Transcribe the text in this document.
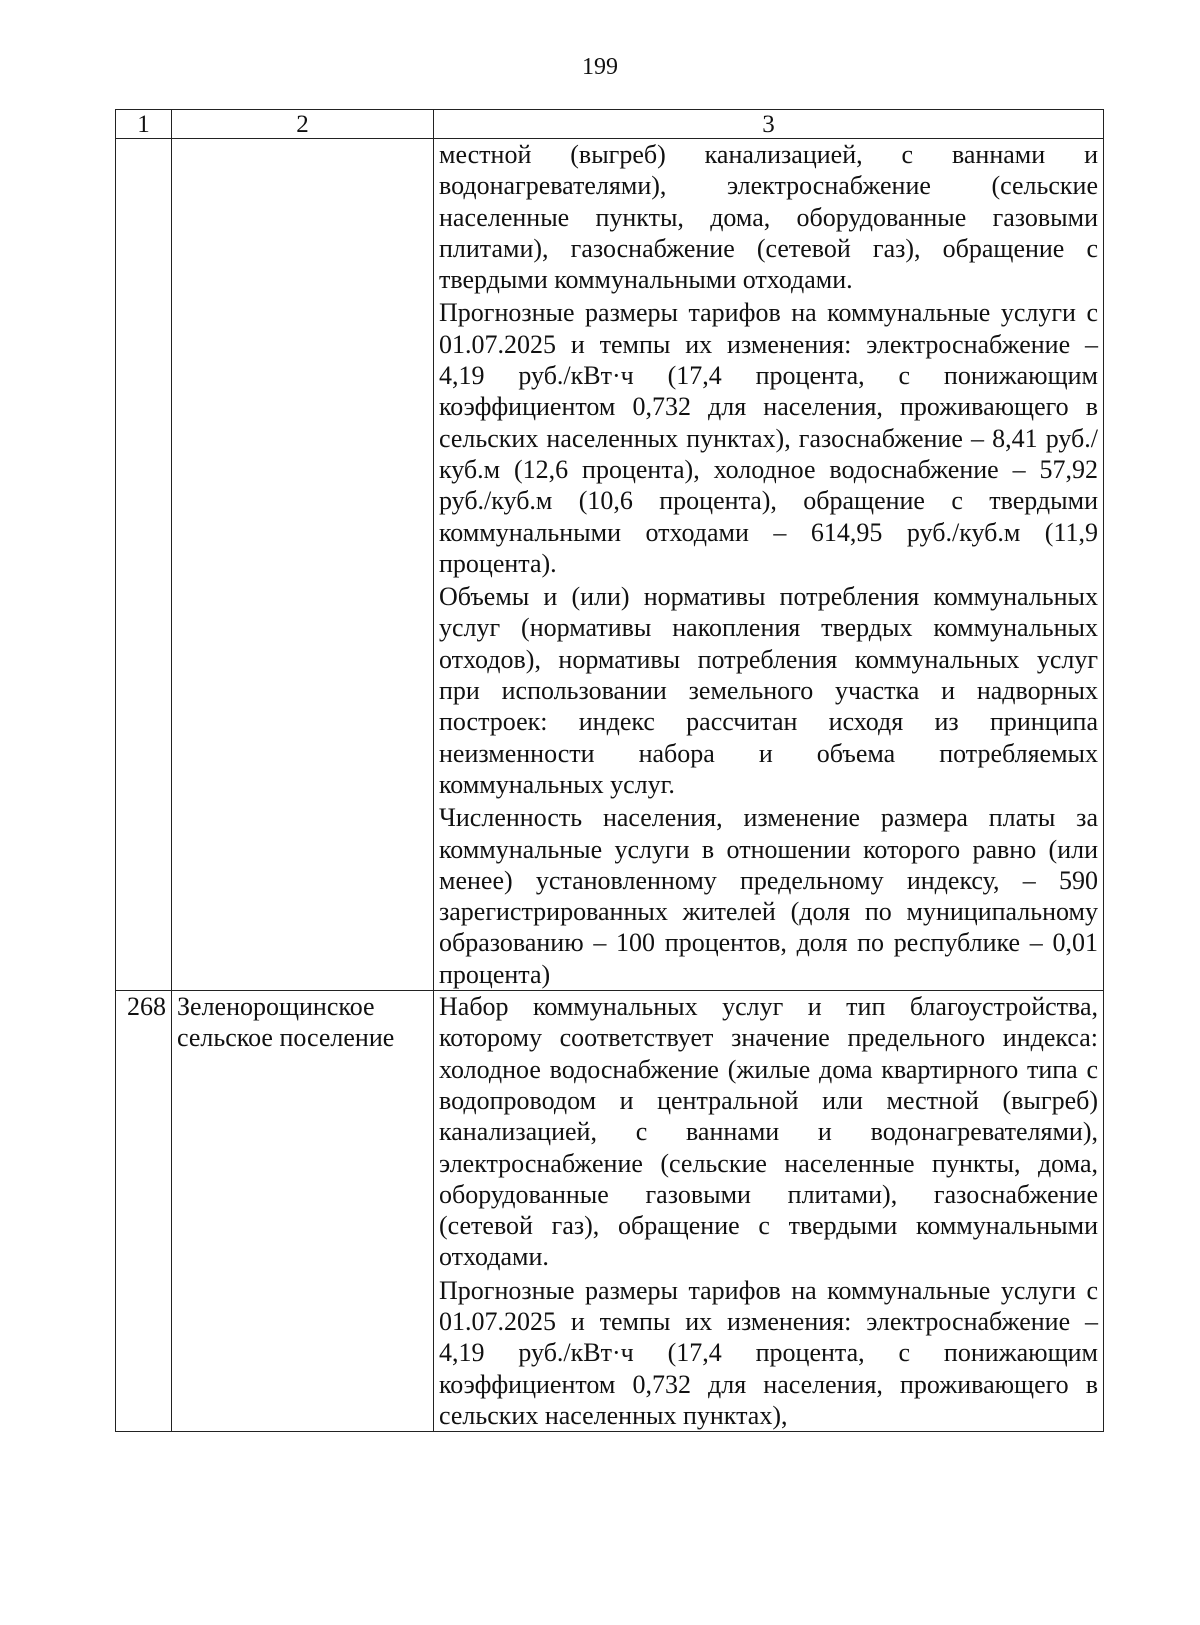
199
1	2	3

		местной (выгреб) канализацией, с ваннами и водонагревателями), электроснабжение (сельские населенные пункты, дома, оборудованные газовыми плитами), газоснабжение (сетевой газ), обращение с твердыми коммунальными отходами.
Прогнозные размеры тарифов на коммунальные услуги с 01.07.2025 и темпы их изменения: электроснабжение – 4,19 руб./кВт·ч (17,4 процента, с понижающим коэффициентом 0,732 для населения, проживающего в сельских населенных пунктах), газоснабжение – 8,41 руб./куб.м (12,6 процента), холодное водоснабжение – 57,92 руб./куб.м (10,6 процента), обращение с твердыми коммунальными отходами – 614,95 руб./куб.м (11,9 процента).
Объемы и (или) нормативы потребления коммунальных услуг (нормативы накопления твердых коммунальных отходов), нормативы потребления коммунальных услуг при использовании земельного участка и надворных построек: индекс рассчитан исходя из принципа неизменности набора и объема потребляемых коммунальных услуг.
Численность населения, изменение размера платы за коммунальные услуги в отношении которого равно (или менее) установленному предельному индексу, – 590 зарегистрированных жителей (доля по муниципальному образованию – 100 процентов, доля по республике – 0,01 процента)

268	Зеленорощинское сельское поселение	Набор коммунальных услуг и тип благоустройства, которому соответствует значение предельного индекса: холодное водоснабжение (жилые дома квартирного типа с водопроводом и центральной или местной (выгреб) канализацией, с ваннами и водонагревателями), электроснабжение (сельские населенные пункты, дома, оборудованные газовыми плитами), газоснабжение (сетевой газ), обращение с твердыми коммунальными отходами.
Прогнозные размеры тарифов на коммунальные услуги с 01.07.2025 и темпы их изменения: электроснабжение – 4,19 руб./кВт·ч (17,4 процента, с понижающим коэффициентом 0,732 для населения, проживающего в сельских населенных пунктах),
